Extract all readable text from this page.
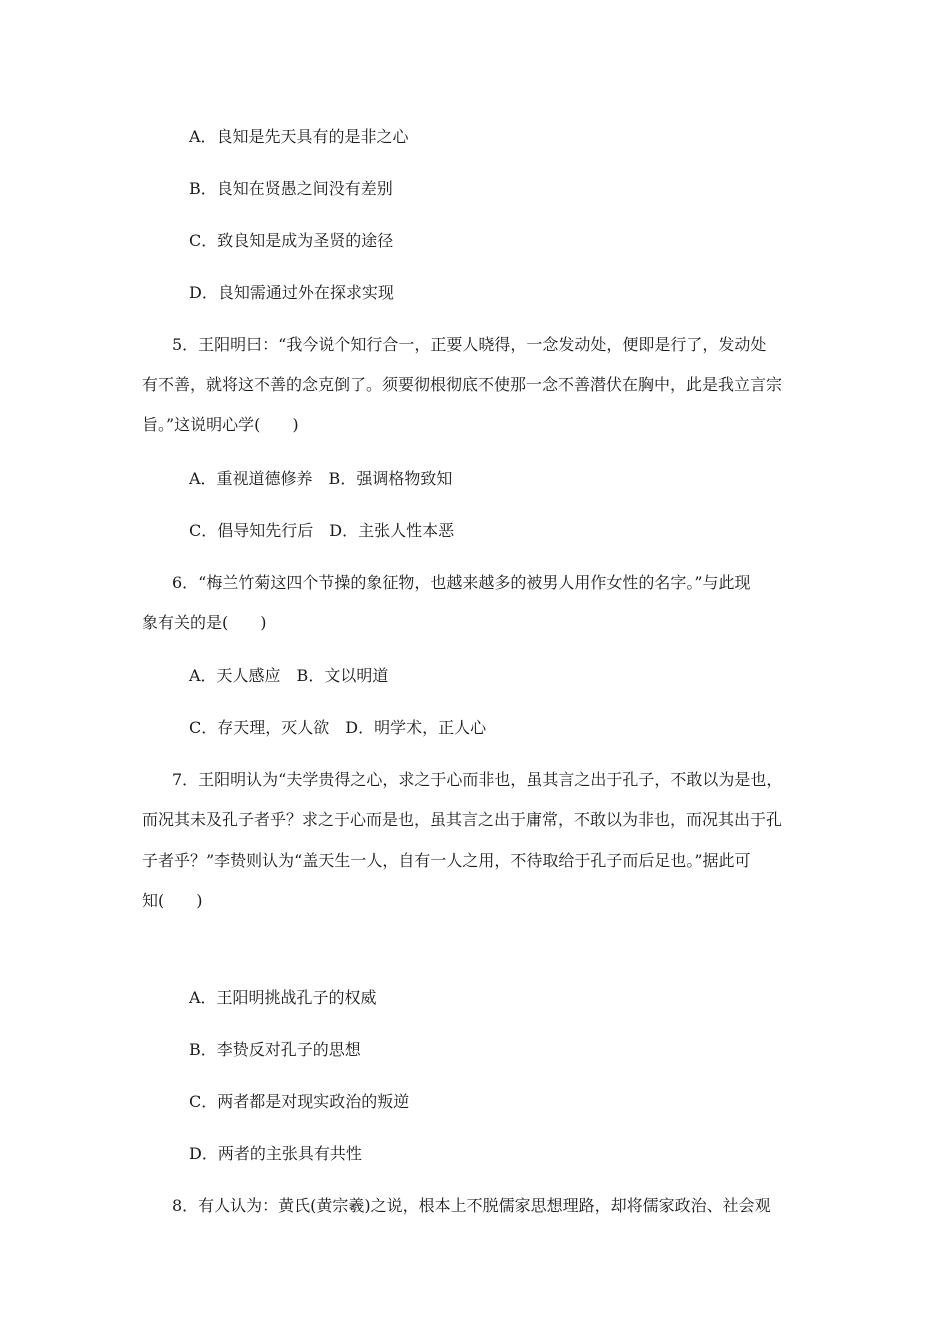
A．良知是先天具有的是非之心
B．良知在贤愚之间没有差别
C．致良知是成为圣贤的途径
D．良知需通过外在探求实现
5．王阳明曰：“我今说个知行合一，正要人晓得，一念发动处，便即是行了，发动处
有不善，就将这不善的念克倒了。须要彻根彻底不使那一念不善潜伏在胸中，此是我立言宗
旨。”这说明心学(　　)
A．重视道德修养　B．强调格物致知
C．倡导知先行后　D．主张人性本恶
6．“梅兰竹菊这四个节操的象征物，也越来越多的被男人用作女性的名字。”与此现
象有关的是(　　)
A．天人感应　B．文以明道
C．存天理，灭人欲　D．明学术，正人心
7．王阳明认为“夫学贵得之心，求之于心而非也，虽其言之出于孔子，不敢以为是也，
而况其未及孔子者乎？求之于心而是也，虽其言之出于庸常，不敢以为非也，而况其出于孔
子者乎？”李贽则认为“盖天生一人，自有一人之用，不待取给于孔子而后足也。”据此可
知(　　)
A．王阳明挑战孔子的权威
B．李贽反对孔子的思想
C．两者都是对现实政治的叛逆
D．两者的主张具有共性
8．有人认为：黄氏(黄宗羲)之说，根本上不脱儒家思想理路，却将儒家政治、社会观
